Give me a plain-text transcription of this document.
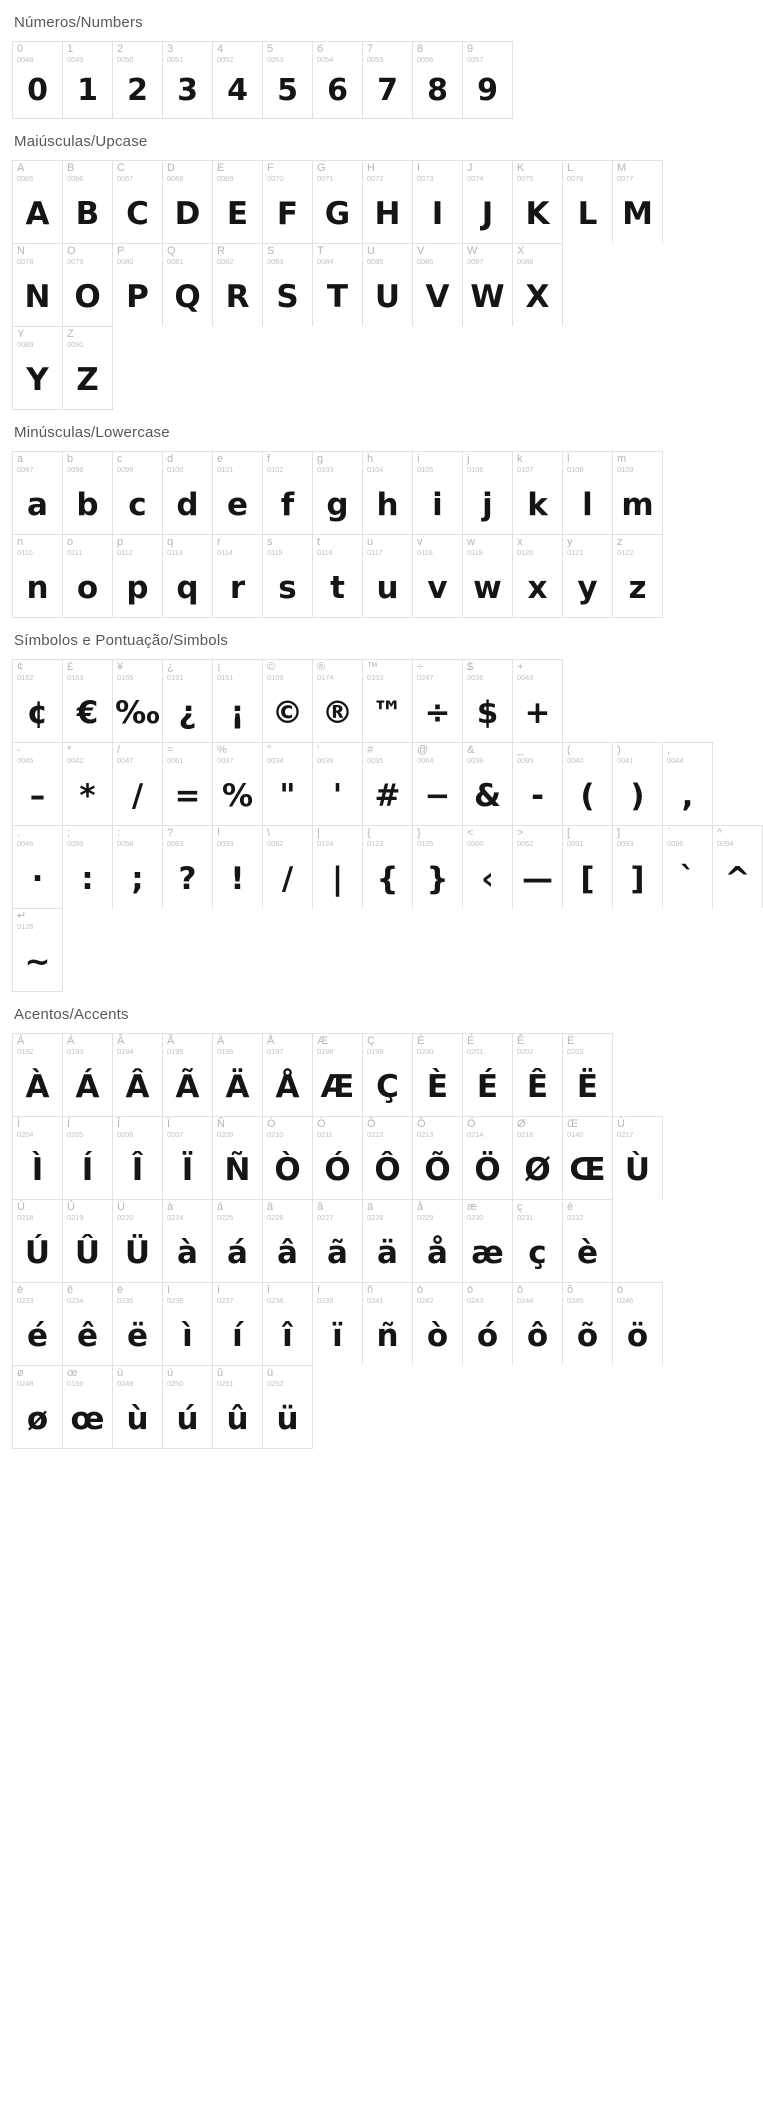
Números/Numbers
0
0048
0
1
0049
1
2
0050
2
3
0051
3
4
0052
4
5
0053
5
6
0054
6
7
0055
7
8
0056
8
9
0057
9
Maiúsculas/Upcase
A
0065
A
B
0066
B
C
0067
C
D
0068
D
E
0069
E
F
0070
F
G
0071
G
H
0072
H
I
0073
I
J
0074
J
K
0075
K
L
0076
L
M
0077
M
N
0078
N
O
0079
O
P
0080
P
Q
0081
Q
R
0082
R
S
0083
S
T
0084
T
U
0085
U
V
0086
V
W
0087
W
X
0088
X
Y
0089
Y
Z
0090
Z
Minúsculas/Lowercase
a
0097
a
b
0098
b
c
0099
c
d
0100
d
e
0101
e
f
0102
f
g
0103
g
h
0104
h
i
0105
i
j
0106
j
k
0107
k
l
0108
l
m
0109
m
n
0110
n
o
0111
o
p
0112
p
q
0113
q
r
0114
r
s
0115
s
t
0116
t
u
0117
u
v
0118
v
w
0119
w
x
0120
x
y
0121
y
z
0122
z
Símbolos e Pontuação/Simbols
¢
0162
¢
£
0163
€
¥
0165
‰
¿
0191
¿
¡
0161
¡
©
0169
©
®
0174
®
™
0153
™
÷
0247
÷
$
0036
$
+
0043
+
-
0045
–
*
0042
*
/
0047
/
=
0061
=
%
0037
%
"
0034
"
'
0039
'
#
0035
#
@
0064
−
&
0038
&
_
0095
-
(
0040
(
)
0041
)
,
0044
,
.
0046
·
;
0059
:
:
0058
;
?
0063
?
!
0033
!
\
0092
/
|
0124
|
{
0123
{
}
0125
}
<
0060
‹
>
0062
—
[
0091
[
]
0093
]
`
0096
`
^
0094
^
↵
0126
~
Acentos/Accents
À
0192
À
Á
0193
Á
Â
0194
Â
Ã
0195
Ã
Ä
0196
Ä
Å
0197
Å
Æ
0198
Æ
Ç
0199
Ç
È
0200
È
É
0201
É
Ê
0202
Ê
Ë
0203
Ë
Ì
0204
Ì
Í
0205
Í
Î
0206
Î
Ï
0207
Ï
Ñ
0209
Ñ
Ò
0210
Ò
Ó
0211
Ó
Ô
0212
Ô
Õ
0213
Õ
Ö
0214
Ö
Ø
0216
Ø
Œ
0140
Œ
Ù
0217
Ù
Ú
0218
Ú
Û
0219
Û
Ü
0220
Ü
à
0224
à
á
0225
á
â
0226
â
ã
0227
ã
ä
0228
ä
å
0229
å
æ
0230
æ
ç
0231
ç
è
0232
è
é
0233
é
ê
0234
ê
ë
0235
ë
ì
0236
ì
í
0237
í
î
0238
î
ï
0239
ï
ñ
0241
ñ
ò
0242
ò
ó
0243
ó
ô
0244
ô
õ
0245
õ
ö
0246
ö
ø
0248
ø
œ
0156
œ
ù
0249
ù
ú
0250
ú
û
0251
û
ü
0252
ü
